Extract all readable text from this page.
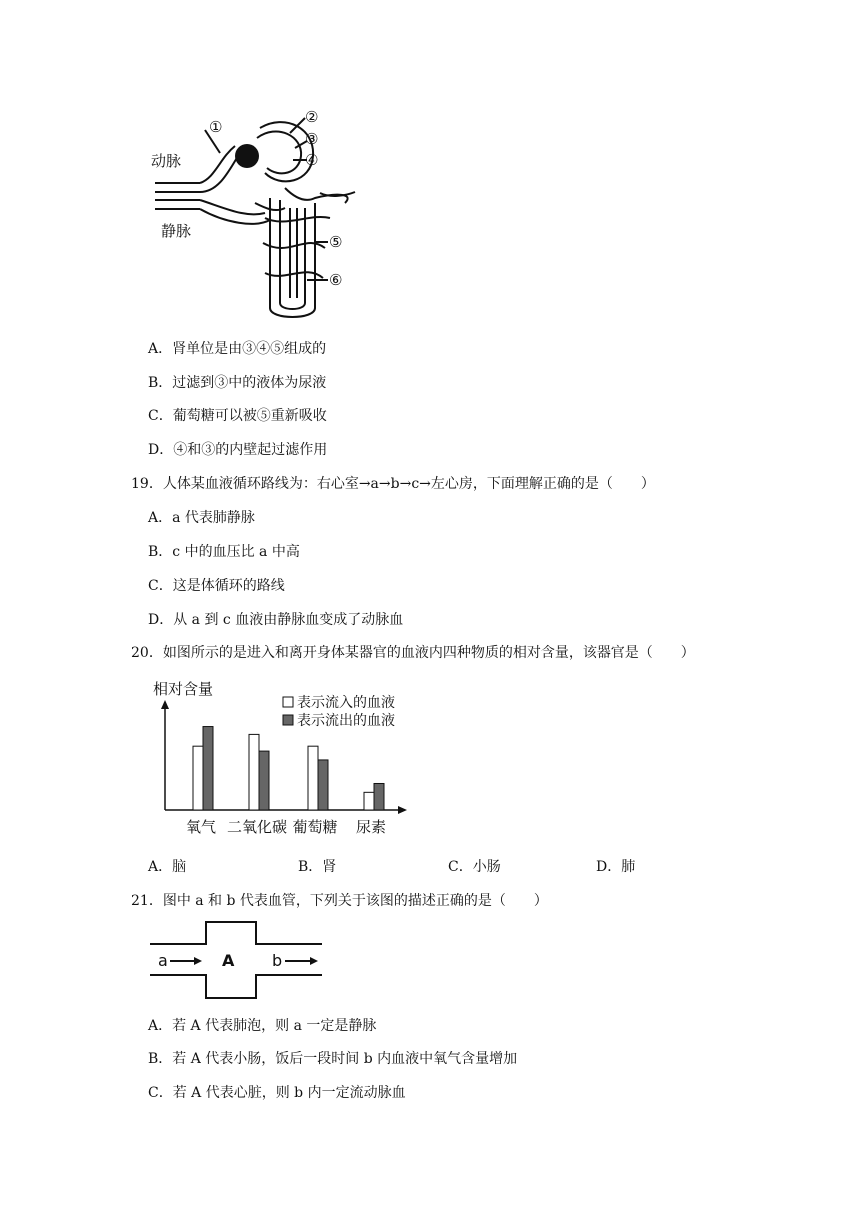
动脉
静脉
①
②
③
④
⑤
⑥
A．肾单位是由③④⑤组成的
B．过滤到③中的液体为尿液
C．葡萄糖可以被⑤重新吸收
D．④和③的内壁起过滤作用
19．人体某血液循环路线为：右心室→a→b→c→左心房，下面理解正确的是（　　）
A．a 代表肺静脉
B．c 中的血压比 a 中高
C．这是体循环的路线
D．从 a 到 c 血液由静脉血变成了动脉血
20．如图所示的是进入和离开身体某器官的血液内四种物质的相对含量，该器官是（　　）
相对含量
表示流入的血液
表示流出的血液
氧气 二氧化碳 葡萄糖 尿素
A．脑	B．肾	C．小肠	D．肺
21．图中 a 和 b 代表血管，下列关于该图的描述正确的是（　　）
a	A b
A．若 A 代表肺泡，则 a 一定是静脉
B．若 A 代表小肠，饭后一段时间 b 内血液中氧气含量增加
C．若 A 代表心脏，则 b 内一定流动脉血
